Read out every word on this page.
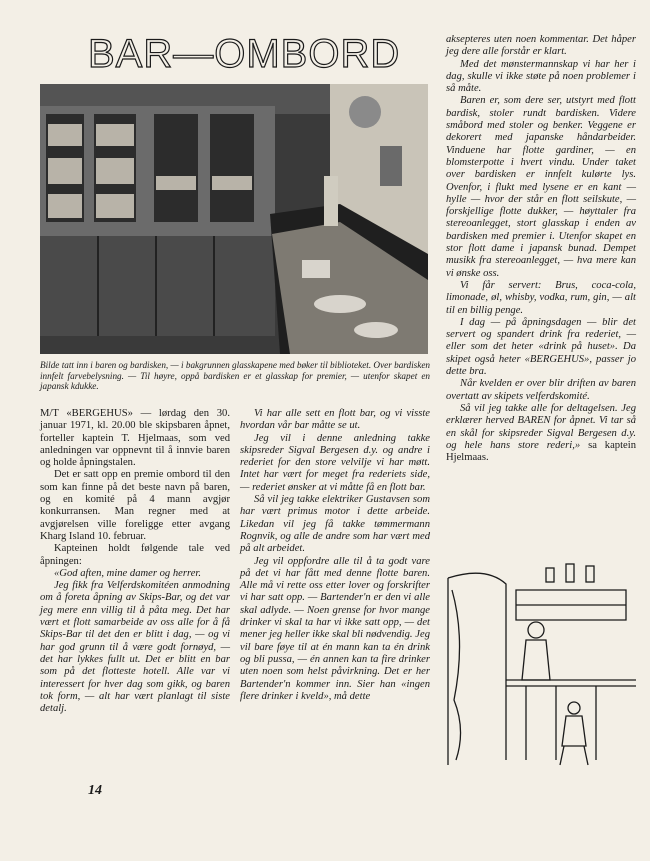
BAR—OMBORD
Bilde tatt inn i baren og bardisken, — i bakgrunnen glasskapene med bøker til biblioteket. Over bardisken innfelt farvebelysning. — Til høyre, oppå bardisken er et glasskap for premier, — utenfor skapet en japansk kdukke.

M/T «BERGEHUS» — lørdag den 30. januar 1971, kl. 20.00 ble skipsbaren åpnet, forteller kaptein T. Hjelmaas, som ved anledningen var oppnevnt til å innvie baren og holde åpningstalen.

Det er satt opp en premie ombord til den som kan finne på det beste navn på baren, og en komité på 4 mann avgjør konkurransen. Man regner med at avgjørelsen ville foreligge etter avgang Kharg Island 10. februar.

Kapteinen holdt følgende tale ved åpningen:

«God aften, mine damer og herrer.

Jeg fikk fra Velferdskomitéen anmodning om å foreta åpning av Skips-Bar, og det var jeg mere enn villig til å påta meg. Det har vært et flott samarbeide av oss alle for å få Skips-Bar til det den er blitt i dag, — og vi har god grunn til å være godt fornøyd, — det har lykkes fullt ut. Det er blitt en bar som på det flotteste hotell. Alle var vi interessert for hver dag som gikk, og baren tok form, — alt har vært planlagt til siste detalj.

Vi har alle sett en flott bar, og vi visste hvordan vår bar måtte se ut.

Jeg vil i denne anledning takke skipsreder Sigval Bergesen d.y. og andre i rederiet for den store velvilje vi har møtt. Intet har vært for meget fra rederiets side, — rederiet ønsker at vi måtte få en flott bar.

Så vil jeg takke elektriker Gustavsen som har vært primus motor i dette arbeide. Likedan vil jeg få takke tømmermann Rognvik, og alle de andre som har vært med på alt arbeidet.

Jeg vil oppfordre alle til å ta godt vare på det vi har fått med denne flotte baren. Alle må vi rette oss etter lover og forskrifter vi har satt opp. — Bartender'n er den vi alle skal adlyde. — Noen grense for hvor mange drinker vi skal ta har vi ikke satt opp, — det mener jeg heller ikke skal bli nødvendig. Jeg vil bare føye til at én mann kan ta én drink og bli pussa, — én annen kan ta fire drinker uten noen som helst påvirkning. Det er her Bartender'n kommer inn. Sier han «ingen flere drinker i kveld», må dette

aksepteres uten noen kommentar. Det håper jeg dere alle forstår er klart.

Med det mønstermannskap vi har her i dag, skulle vi ikke støte på noen problemer i så måte.

Baren er, som dere ser, utstyrt med flott bardisk, stoler rundt bardisken. Videre småbord med stoler og benker. Veggene er dekorert med japanske håndarbeider. Vinduene har flotte gardiner, — en blomsterpotte i hvert vindu. Under taket over bardisken er innfelt kulørte lys. Ovenfor, i flukt med lysene er en kant — hylle — hvor der står en flott seilskute, — forskjellige flotte dukker, — høyttaler fra stereoanlegget, stort glasskap i enden av bardisken med premier i. Utenfor skapet en stor flott dame i japansk bunad. Dempet musikk fra stereoanlegget, — hva mere kan vi ønske oss.

Vi får servert: Brus, coca-cola, limonade, øl, whisby, vodka, rum, gin, — alt til en billig penge.

I dag — på åpningsdagen — blir det servert og spandert drink fra rederiet, — eller som det heter «drink på huset». Da skipet også heter «BERGEHUS», passer jo dette bra.

Når kvelden er over blir driften av baren overtatt av skipets velferdskomité.

Så vil jeg takke alle for deltagelsen. Jeg erklærer herved BAREN for åpnet. Vi tar så en skål for skipsreder Sigval Bergesen d.y. og hele hans store rederi,» sa kaptein Hjelmaas.

14
